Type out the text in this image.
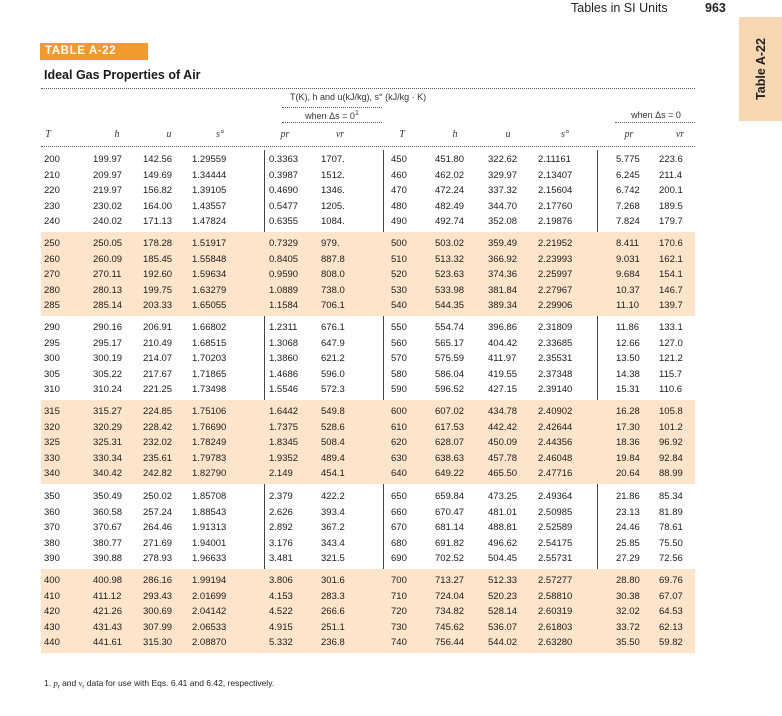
Tables in SI Units	963
Table A-22
TABLE A-22
Ideal Gas Properties of Air
T(K), h and u(kJ/kg), s° (kJ/kg · K)
when $\Delta s = 0^1$	when Δs = 0
T	h	u	s°	pr	vr	T	h	u	s°	pr	vr
200	199.97 142.56 1.29559	0.3363 1707.	450	451.80	322.62 2.11161	5.775 223.6
210	209.97 149.69 1.34444	0.3987 1512.	460	462.02	329.97 2.13407	6.245 211.4
220	219.97 156.82 1.39105	0.4690 1346.	470	472.24	337.32 2.15604	6.742 200.1
230	230.02 164.00 1.43557	0.5477 1205.	480	482.49	344.70 2.17760	7.268 189.5
240	240.02 171.13 1.47824	0.6355 1084.	490	492.74	352.08 2.19876	7.824 179.7
250	250.05 178.28 1.51917	0.7329 979.	500	503.02	359.49 2.21952	8.411 170.6
260	260.09 185.45 1.55848	0.8405 887.8	510	513.32	366.92 2.23993	9.031 162.1
270	270.11 192.60 1.59634	0.9590 808.0	520	523.63	374.36 2.25997	9.684 154.1
280	280.13 199.75 1.63279	1.0889 738.0	530	533.98	381.84 2.27967	10.37 146.7
285	285.14 203.33 1.65055	1.1584 706.1	540	544.35	389.34 2.29906	11.10 139.7
290	290.16 206.91 1.66802	1.2311 676.1	550	554.74	396.86 2.31809	11.86 133.1
295	295.17 210.49 1.68515	1.3068 647.9	560	565.17	404.42 2.33685	12.66 127.0
300	300.19 214.07 1.70203	1.3860 621.2	570	575.59	411.97 2.35531	13.50 121.2
305	305.22 217.67 1.71865	1.4686 596.0	580	586.04	419.55 2.37348	14.38 115.7
310	310.24 221.25 1.73498	1.5546 572.3	590	596.52	427.15 2.39140	15.31 110.6
315	315.27 224.85 1.75106	1.6442 549.8	600	607.02	434.78 2.40902	16.28 105.8
320	320.29 228.42 1.76690	1.7375 528.6	610	617.53	442.42 2.42644	17.30 101.2
325	325.31 232.02 1.78249	1.8345 508.4	620	628.07	450.09 2.44356	18.36 96.92
330	330.34 235.61 1.79783	1.9352 489.4	630	638.63	457.78 2.46048	19.84 92.84
340	340.42 242.82 1.82790	2.149	454.1	640	649.22	465.50 2.47716	20.64 88.99
350	350.49 250.02 1.85708	2.379	422.2	650	659.84	473.25 2.49364	21.86 85.34
360	360.58 257.24 1.88543	2.626	393.4	660	670.47	481.01 2.50985	23.13 81.89
370	370.67 264.46 1.91313	2.892	367.2	670	681.14	488.81 2.52589	24.46 78.61
380	380.77 271.69 1.94001	3.176	343.4	680	691.82	496.62 2.54175	25.85 75.50
390	390.88 278.93 1.96633	3.481	321.5	690	702.52	504.45 2.55731	27.29 72.56
400	400.98 286.16 1.99194	3.806	301.6	700	713.27	512.33 2.57277	28.80 69.76
410	411.12 293.43 2.01699	4.153	283.3	710	724.04	520.23 2.58810	30.38 67.07
420	421.26 300.69 2.04142	4.522	266.6	720	734.82	528.14 2.60319	32.02 64.53
430	431.43 307.99 2.06533	4.915	251.1	730	745.62	536.07 2.61803	33.72 62.13
440	441.61 315.30 2.08870	5.332	236.8	740	756.44	544.02 2.63280	35.50 59.82
1. $p_r$ and $v_r$ data for use with Eqs. 6.41 and 6.42, respectively.
